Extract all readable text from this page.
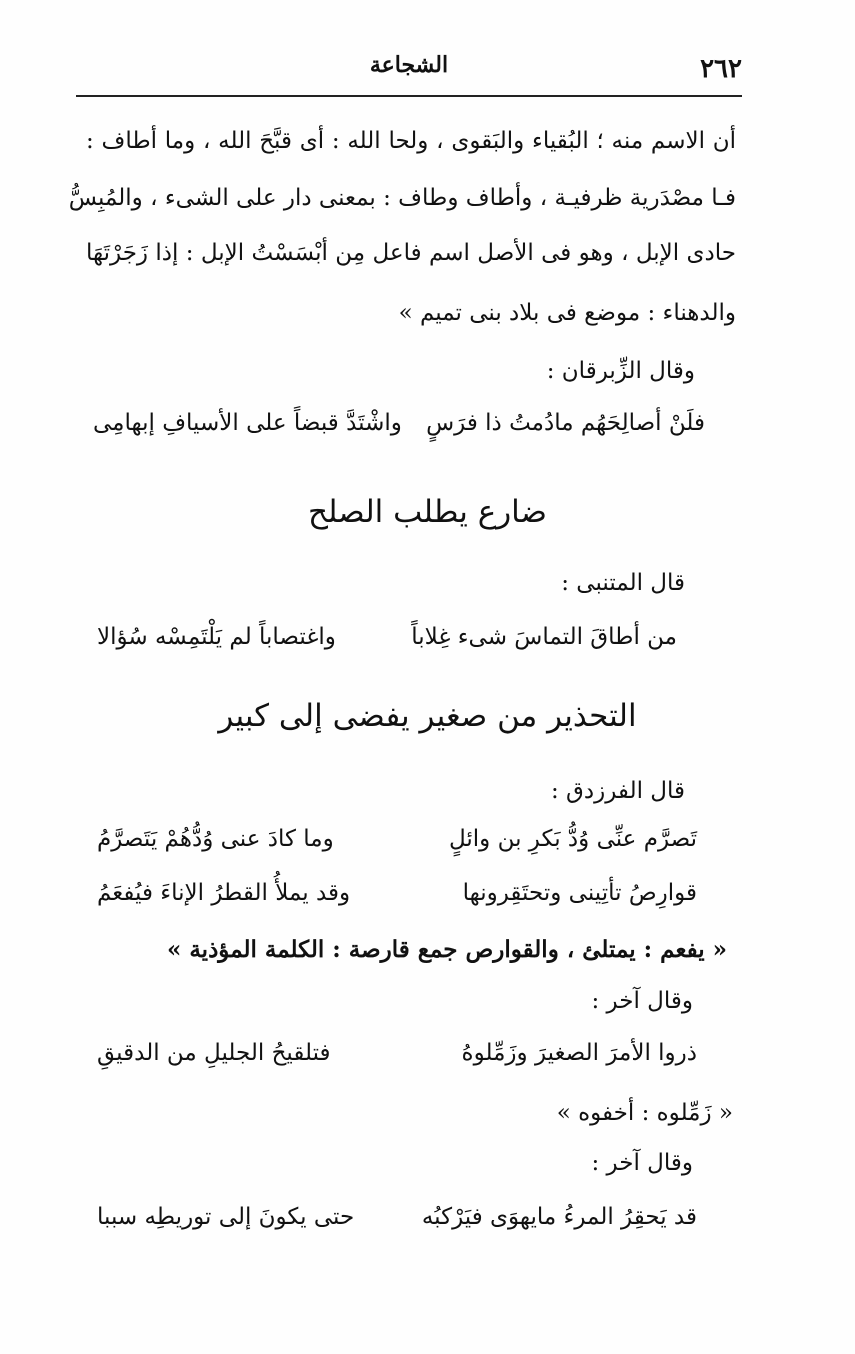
٢٦٢
الشجاعة
أن الاسم منه ؛ البُقياء والبَقوى ، ولحا الله : أى قبَّحَ الله ، وما أطاف :
فـا مصْدَرية ظرفيـة ، وأطاف وطاف : بمعنى دار على الشىء ، والمُبِسُّ
حادى الإبل ، وهو فى الأصل اسم فاعل مِن أبْسَسْتُ الإبل : إذا زَجَرْتَهَا
والدهناء : موضع فى بلاد بنى تميم »
وقال الزِّبرقان :
فلَنْ أصالِحَهُم مادُمتُ ذا فرَسٍ
واشْتَدَّ قبضاً على الأسيافِ إبهامِى
ضارع يطلب الصلح
قال المتنبى :
من أطاقَ التماسَ شىء غِلاباً
واغتصاباً لم يَلْتَمِسْه سُؤالا
التحذير من صغير يفضى إلى كبير
قال الفرزدق :
تَصرَّم عنِّى وُدُّ بَكرِ بن وائلٍ
وما كادَ عنى وُدُّهُمْ يَتَصرَّمُ
قوارِصُ تأتِينى وتحتَقِرونها
وقد يملأُ القطرُ الإناءَ فيُفعَمُ
« يفعم : يمتلئ ، والقوارص جمع قارصة : الكلمة المؤذية »
وقال آخر :
ذروا الأمرَ الصغيرَ وزَمِّلوهُ
فتلقيحُ الجليلِ من الدقيقِ
« زَمِّلوه : أخفوه »
وقال آخر :
قد يَحقِرُ المرءُ مايهوَى فيَرْكبُه
حتى يكونَ إلى توريطِه سببا
